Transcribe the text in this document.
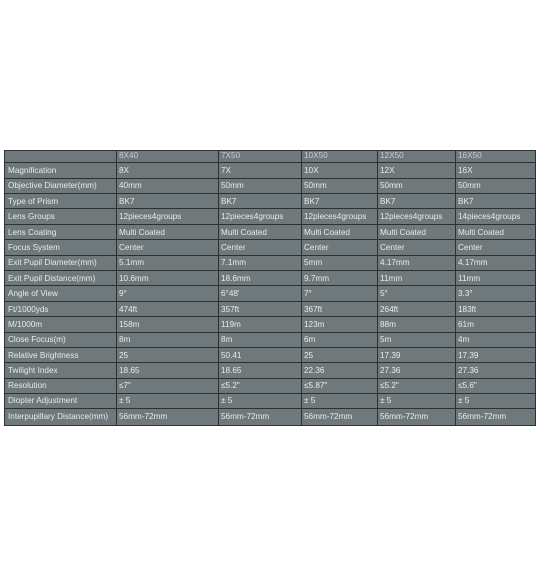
	8X40	7X50	10X50	12X50	16X50
Magnification	8X	7X	10X	12X	16X
Objective Diameter(mm)	40mm	50mm	50mm	50mm	50mm
Type of Prism	BK7	BK7	BK7	BK7	BK7
Lens Groups	12pieces4groups	12pieces4groups	12pieces4groups	12pieces4groups	14pieces4groups
Lens Coating	Multi Coated	Multi Coated	Multi Coated	Multi Coated	Multi Coated
Focus System	Center	Center	Center	Center	Center
Exit Pupil Diameter(mm)	5.1mm	7.1mm	5mm	4.17mm	4.17mm
Exit Pupil Distance(mm)	10.6mm	18.6mm	9.7mm	11mm	11mm
Angle of View	9°	6°48'	7°	5°	3.3°
Ft/1000yds	474ft	357ft	367ft	264ft	183ft
M/1000m	158m	119m	123m	88m	61m
Close Focus(m)	8m	8m	6m	5m	4m
Relative Brightness	25	50.41	25	17.39	17.39
Twilight Index	18.65	18.65	22.36	27.36	27.36
Resolution	≤7"	≤5.2"	≤5.87"	≤5.2"	≤5.6"
Diopter Adjustment	± 5	± 5	± 5	± 5	± 5
Interpupillary Distance(mm)	56mm-72mm	56mm-72mm	56mm-72mm	56mm-72mm	56mm-72mm
